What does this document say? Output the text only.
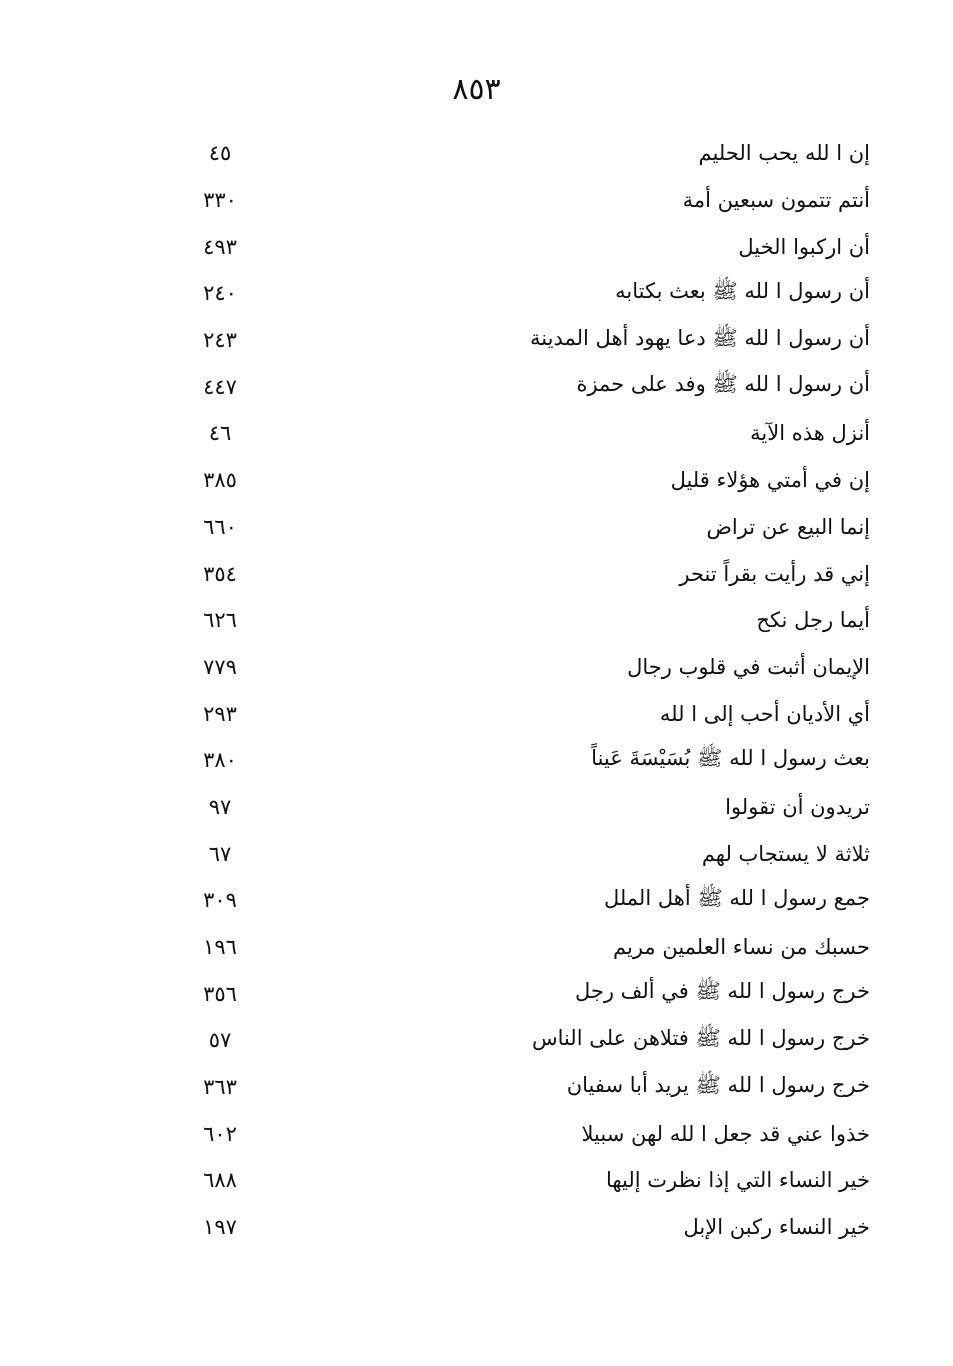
٨٥٣
إن ا لله يحب الحليم
٤٥
أنتم تتمون سبعين أمة
٣٣٠
أن اركبوا الخيل
٤٩٣
أن رسول ا لله ﷺ بعث بكتابه
٢٤٠
أن رسول ا لله ﷺ دعا يهود أهل المدينة
٢٤٣
أن رسول ا لله ﷺ وفد على حمزة
٤٤٧
أنزل هذه الآية
٤٦
إن في أمتي هؤلاء قليل
٣٨٥
إنما البيع عن تراض
٦٦٠
إني قد رأيت بقراً تنحر
٣٥٤
أيما رجل نكح
٦٢٦
الإيمان أثبت في قلوب رجال
٧٧٩
أي الأديان أحب إلى ا لله
٢٩٣
بعث رسول ا لله ﷺ بُسَيْسَةَ عَيناً
٣٨٠
تريدون أن تقولوا
٩٧
ثلاثة لا يستجاب لهم
٦٧
جمع رسول ا لله ﷺ أهل الملل
٣٠٩
حسبك من نساء العلمين مريم
١٩٦
خرج رسول ا لله ﷺ في ألف رجل
٣٥٦
خرج رسول ا لله ﷺ فتلاهن على الناس
٥٧
خرج رسول ا لله ﷺ يريد أبا سفيان
٣٦٣
خذوا عني قد جعل ا لله لهن سبيلا
٦٠٢
خير النساء التي إذا نظرت إليها
٦٨٨
خير النساء ركبن الإبل
١٩٧
